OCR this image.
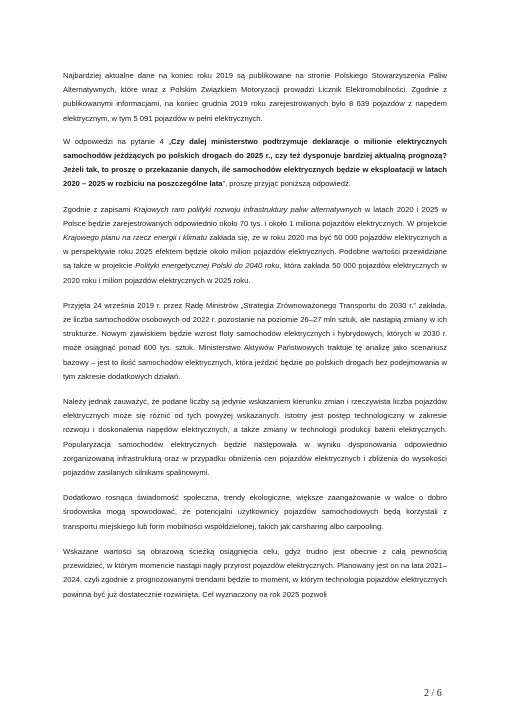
Najbardziej aktualne dane na koniec roku 2019 są publikowane na stronie Polskiego Stowarzyszenia Paliw Alternatywnych, które wraz z Polskim Związkiem Motoryzacji prowadzi Licznik Elektromobilności. Zgodnie z publikowanymi informacjami, na koniec grudnia 2019 roku zarejestrowanych było 8 639 pojazdów z napędem elektrycznym, w tym 5 091 pojazdów w pełni elektrycznych.

W odpowiedzi na pytanie 4 „Czy dalej ministerstwo podtrzymuje deklaracje o milionie elektrycznych samochodów jeżdżących po polskich drogach do 2025 r., czy też dysponuje bardziej aktualną prognozą? Jeżeli tak, to proszę o przekazanie danych, ile samochodów elektrycznych będzie w eksploatacji w latach 2020 – 2025 w rozbiciu na poszczególne lata”, proszę przyjąć poniższą odpowiedź.

Zgodnie z zapisami Krajowych ram polityki rozwoju infrastruktury paliw alternatywnych w latach 2020 i 2025 w Polsce będzie zarejestrowanych odpowiednio około 70 tys. i około 1 miliona pojazdów elektrycznych. W projekcie Krajowego planu na rzecz energii i klimatu zakłada się, że w roku 2020 ma być 50 000 pojazdów elektrycznych a w perspektywie roku 2025 efektem będzie około milion pojazdów elektrycznych. Podobne wartości przewidziane są także w projekcie Polityki energetycznej Polski do 2040 roku, która zakłada 50 000 pojazdów elektrycznych w 2020 roku i milion pojazdów elektrycznych w 2025 roku.

Przyjęta 24 września 2019 r. przez Radę Ministrów „Strategia Zrównoważonego Transportu do 2030 r.” zakłada, że liczba samochodów osobowych od 2022 r. pozostanie na poziomie 26–27 mln sztuk, ale nastąpią zmiany w ich strukturze. Nowym zjawiskiem będzie wzrost floty samochodów elektrycznych i hybrydowych, których w 2030 r. może osiągnąć ponad 600 tys. sztuk. Ministerstwo Aktywów Państwowych traktuje tę analizę jako scenariusz bazowy – jest to ilość samochodów elektrycznych, która jeździć będzie po polskich drogach bez podejmowania w tym zakresie dodatkowych działań.

Należy jednak zauważyć, że podane liczby są jedynie wskazaniem kierunku zmian i rzeczywista liczba pojazdów elektrycznych może się różnić od tych powyżej wskazanych. Istotny jest postęp technologiczny w zakresie rozwoju i doskonalenia napędów elektrycznych, a także zmiany w technologii produkcji baterii elektrycznych. Popularyzacja samochodów elektrycznych będzie następowała w wyniku dysponowania odpowiednio zorganizowaną infrastrukturą oraz w przypadku obniżenia cen pojazdów elektrycznych i zbliżenia do wysokości pojazdów zasilanych silnikami spalinowymi.

Dodatkowo rosnąca świadomość społeczna, trendy ekologiczne, większe zaangażowanie w walce o dobro środowiska mogą spowodować, że potencjalni użytkownicy pojazdów samochodowych będą korzystali z transportu miejskiego lub form mobilności współdzielonej, takich jak carsharing albo carpooling.

Wskazane wartości są obrazową ścieżką osiągnięcia celu, gdyż trudno jest obecnie z całą pewnością przewidzieć, w którym momencie nastąpi nagły przyrost pojazdów elektrycznych. Planowany jest on na lata 2021–2024, czyli zgodnie z prognozowanymi trendami będzie to moment, w którym technologia pojazdów elektrycznych powinna być już dostatecznie rozwinięta. Cel wyznaczony na rok 2025 pozwoli

2 / 6
